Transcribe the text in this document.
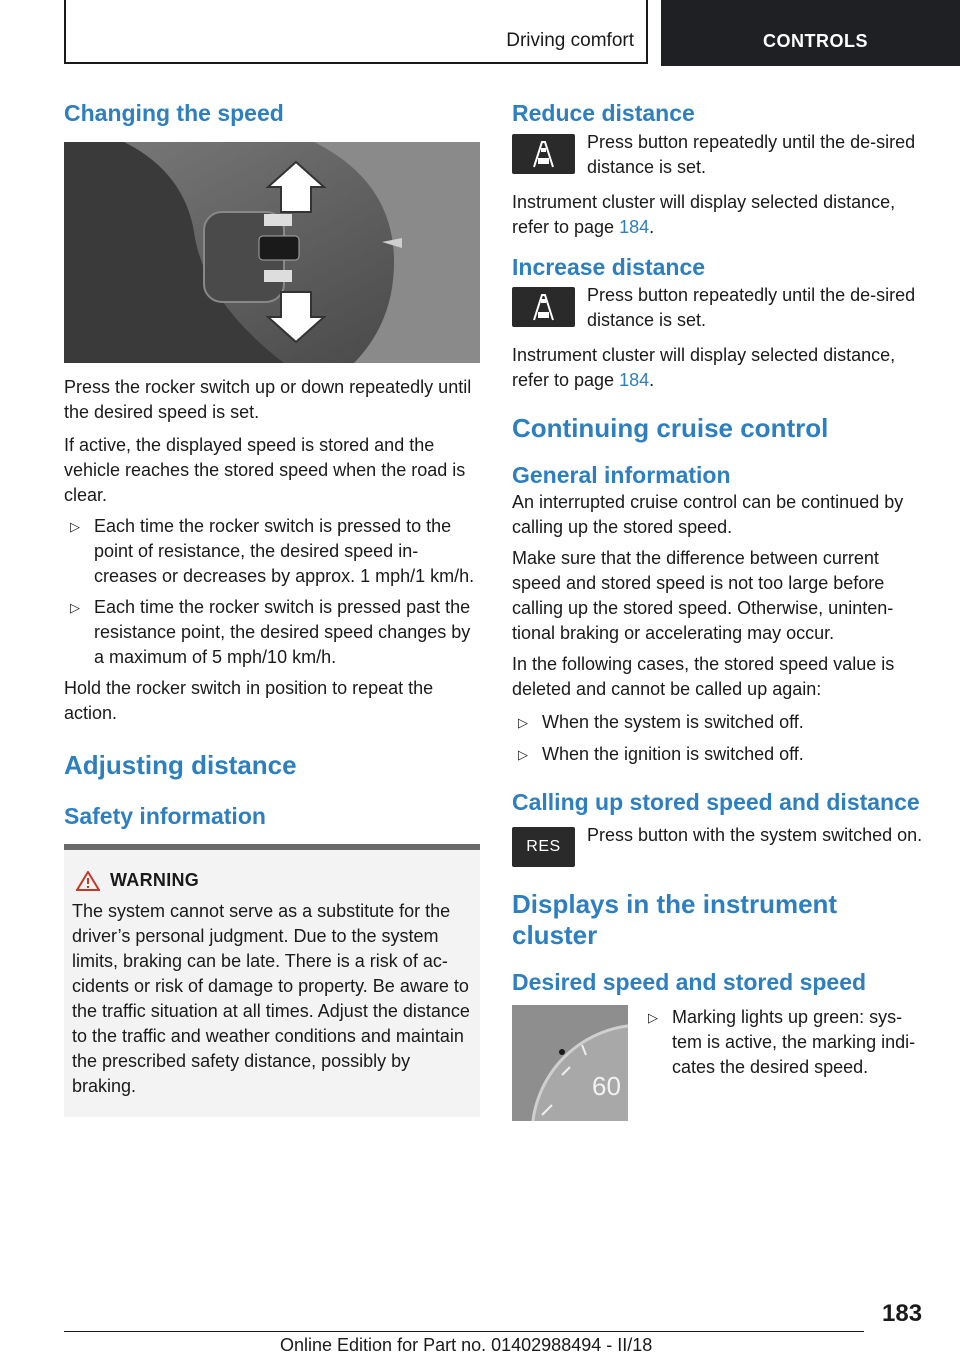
Driving comfort	CONTROLS
Changing the speed

Press the rocker switch up or down repeatedly until the desired speed is set.

If active, the displayed speed is stored and the vehicle reaches the stored speed when the road is clear.

▷ Each time the rocker switch is pressed to the point of resistance, the desired speed in-creases or decreases by approx. 1 mph/1 km/h.
▷ Each time the rocker switch is pressed past the resistance point, the desired speed changes by a maximum of 5 mph/10 km/h.

Hold the rocker switch in position to repeat the action.

Adjusting distance
Safety information
WARNING

The system cannot serve as a substitute for the driver’s personal judgment. Due to the system limits, braking can be late. There is a risk of ac-cidents or risk of damage to property. Be aware to the traffic situation at all times. Adjust the distance to the traffic and weather conditions and maintain the prescribed safety distance, possibly by braking.

Reduce distance

Press button repeatedly until the de-sired distance is set.

Instrument cluster will display selected distance, refer to page 184.

Increase distance

Press button repeatedly until the de-sired distance is set.

Instrument cluster will display selected distance, refer to page 184.

Continuing cruise control
General information

An interrupted cruise control can be continued by calling up the stored speed.

Make sure that the difference between current speed and stored speed is not too large before calling up the stored speed. Otherwise, uninten-tional braking or accelerating may occur.

In the following cases, the stored speed value is deleted and cannot be called up again:

▷ When the system is switched off.
▷ When the ignition is switched off.
Calling up stored speed and distance
RES

Press button with the system switched on.

Displays in the instrument cluster
Desired speed and stored speed
60
▷ Marking lights up green: sys-tem is active, the marking indi-cates the desired speed.
183
Online Edition for Part no. 01402988494 - II/18
